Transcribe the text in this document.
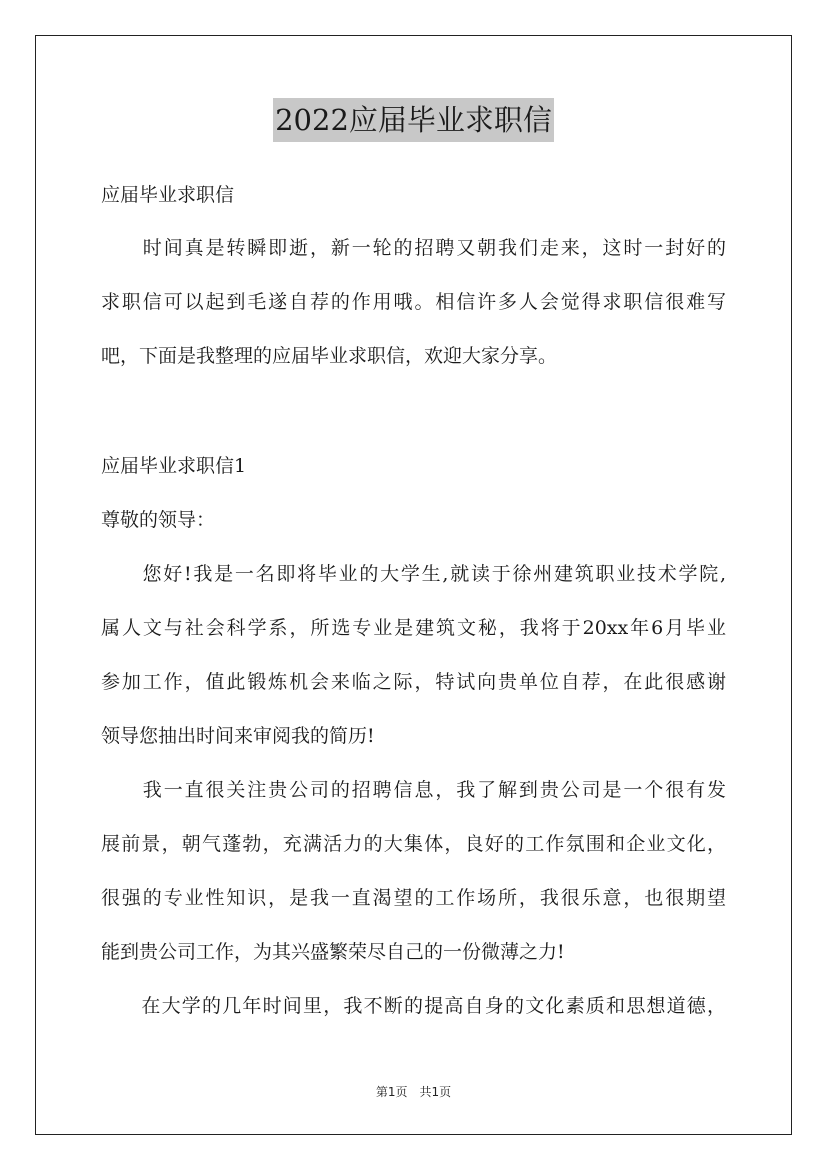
2022应届毕业求职信
应届毕业求职信
　　时间真是转瞬即逝，新一轮的招聘又朝我们走来，这时一封好的
求职信可以起到毛遂自荐的作用哦。相信许多人会觉得求职信很难写
吧，下面是我整理的应届毕业求职信，欢迎大家分享。
应届毕业求职信1
尊敬的领导：
　　您好!我是一名即将毕业的大学生,就读于徐州建筑职业技术学院,
属人文与社会科学系，所选专业是建筑文秘，我将于20xx年6月毕业
参加工作，值此锻炼机会来临之际，特试向贵单位自荐，在此很感谢
领导您抽出时间来审阅我的简历!
　　我一直很关注贵公司的招聘信息，我了解到贵公司是一个很有发
展前景，朝气蓬勃，充满活力的大集体，良好的工作氛围和企业文化，
很强的专业性知识，是我一直渴望的工作场所，我很乐意，也很期望
能到贵公司工作，为其兴盛繁荣尽自己的一份微薄之力!
　　在大学的几年时间里，我不断的提高自身的文化素质和思想道德，
第1页　共1页
